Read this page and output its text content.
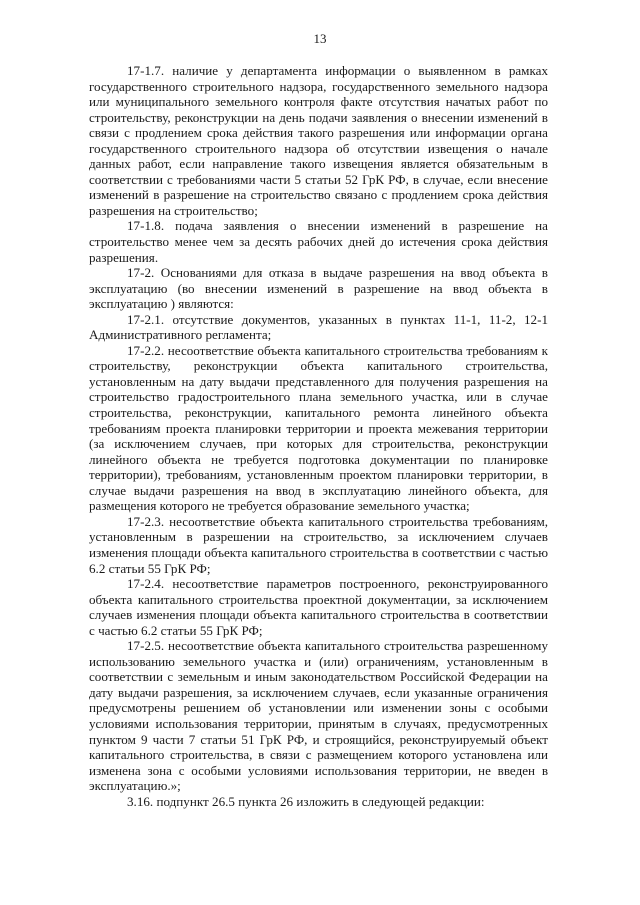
13

17-1.7. наличие у департамента информации о выявленном в рамках государственного строительного надзора, государственного земельного надзора или муниципального земельного контроля факте отсутствия начатых работ по строительству, реконструкции на день подачи заявления о внесении изменений в связи с продлением срока действия такого разрешения или информации органа государственного строительного надзора об отсутствии извещения о начале данных работ, если направление такого извещения является обязательным в соответствии с требованиями части 5 статьи 52 ГрК РФ, в случае, если внесение изменений в разрешение на строительство связано с продлением срока действия разрешения на строительство;

17-1.8. подача заявления о внесении изменений в разрешение на строительство менее чем за десять рабочих дней до истечения срока действия разрешения.

17-2. Основаниями для отказа в выдаче разрешения на ввод объекта в эксплуатацию (во внесении изменений в разрешение на ввод объекта в эксплуатацию ) являются:

17-2.1. отсутствие документов, указанных в пунктах 11-1, 11-2, 12-1 Административного регламента;

17-2.2. несоответствие объекта капитального строительства требованиям к строительству, реконструкции объекта капитального строительства, установленным на дату выдачи представленного для получения разрешения на строительство градостроительного плана земельного участка, или в случае строительства, реконструкции, капитального ремонта линейного объекта требованиям проекта планировки территории и проекта межевания территории (за исключением случаев, при которых для строительства, реконструкции линейного объекта не требуется подготовка документации по планировке территории), требованиям, установленным проектом планировки территории, в случае выдачи разрешения на ввод в эксплуатацию линейного объекта, для размещения которого не требуется образование земельного участка;

17-2.3. несоответствие объекта капитального строительства требованиям, установленным в разрешении на строительство, за исключением случаев изменения площади объекта капитального строительства в соответствии с частью 6.2 статьи 55 ГрК РФ;

17-2.4. несоответствие параметров построенного, реконструированного объекта капитального строительства проектной документации, за исключением случаев изменения площади объекта капитального строительства в соответствии с частью 6.2 статьи 55 ГрК РФ;

17-2.5. несоответствие объекта капитального строительства разрешенному использованию земельного участка и (или) ограничениям, установленным в соответствии с земельным и иным законодательством Российской Федерации на дату выдачи разрешения, за исключением случаев, если указанные ограничения предусмотрены решением об установлении или изменении зоны с особыми условиями использования территории, принятым в случаях, предусмотренных пунктом 9 части 7 статьи 51 ГрК РФ, и строящийся, реконструируемый объект капитального строительства, в связи с размещением которого установлена или изменена зона с особыми условиями использования территории, не введен в эксплуатацию.»;

3.16. подпункт 26.5 пункта 26 изложить в следующей редакции:
